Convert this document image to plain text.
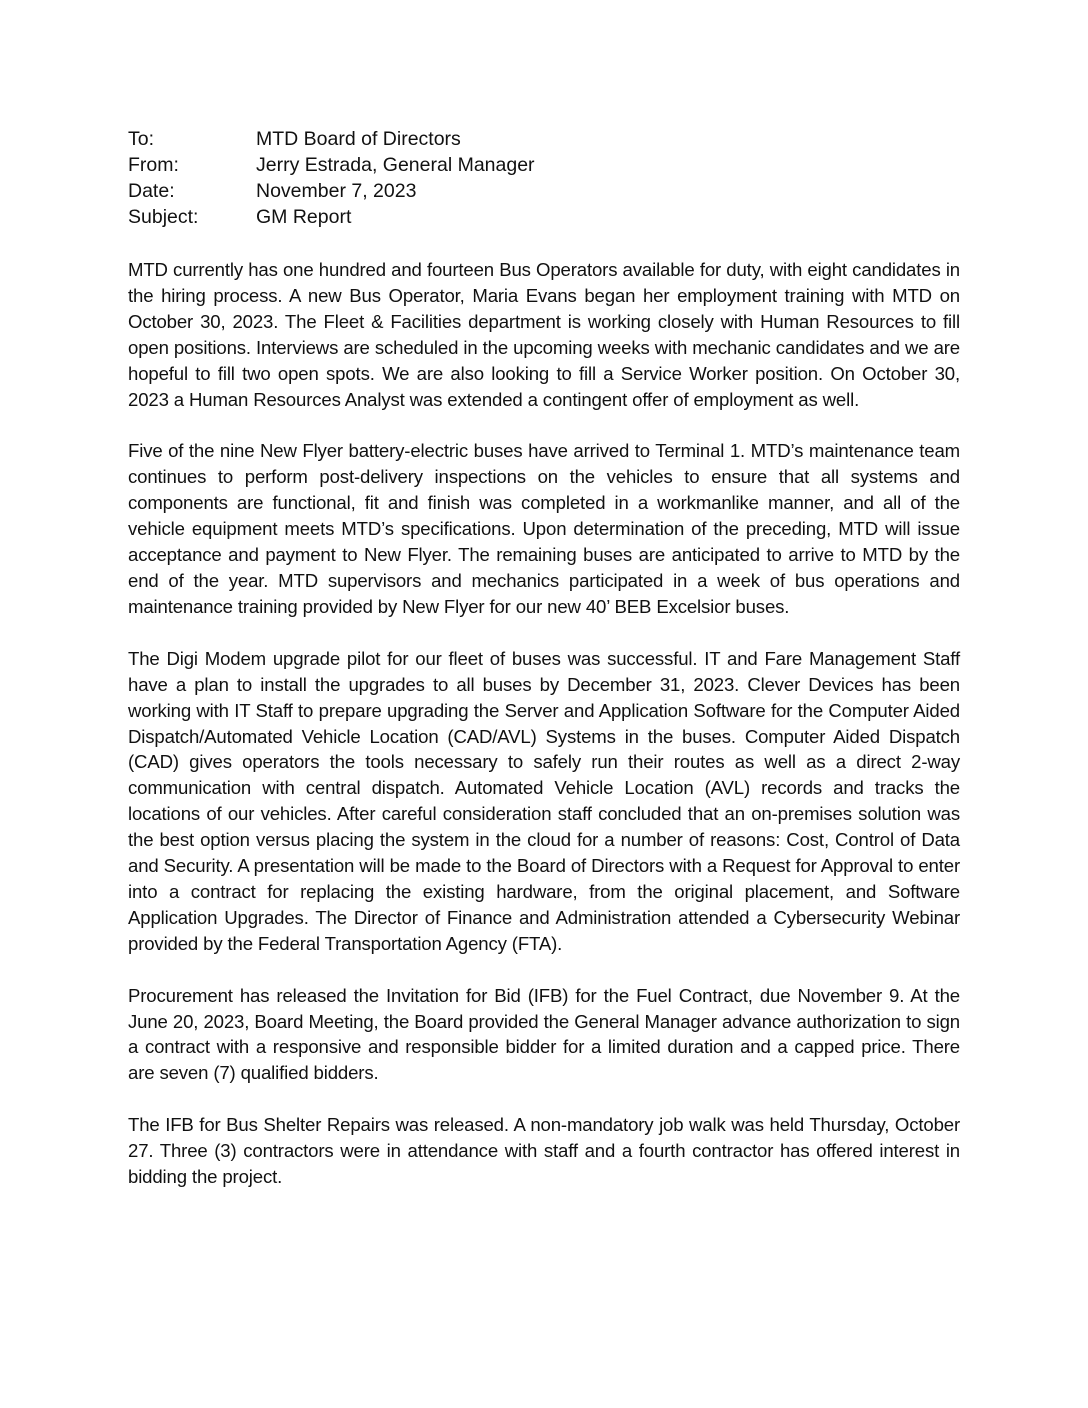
To:	MTD Board of Directors
From:	Jerry Estrada, General Manager
Date:	November 7, 2023
Subject:	GM Report

MTD currently has one hundred and fourteen Bus Operators available for duty, with eight candidates in the hiring process. A new Bus Operator, Maria Evans began her employment training with MTD on October 30, 2023. The Fleet & Facilities department is working closely with Human Resources to fill open positions. Interviews are scheduled in the upcoming weeks with mechanic candidates and we are hopeful to fill two open spots. We are also looking to fill a Service Worker position. On October 30, 2023 a Human Resources Analyst was extended a contingent offer of employment as well.

Five of the nine New Flyer battery-electric buses have arrived to Terminal 1. MTD’s maintenance team continues to perform post-delivery inspections on the vehicles to ensure that all systems and components are functional, fit and finish was completed in a workmanlike manner, and all of the vehicle equipment meets MTD’s specifications. Upon determination of the preceding, MTD will issue acceptance and payment to New Flyer. The remaining buses are anticipated to arrive to MTD by the end of the year. MTD supervisors and mechanics participated in a week of bus operations and maintenance training provided by New Flyer for our new 40’ BEB Excelsior buses.

The Digi Modem upgrade pilot for our fleet of buses was successful. IT and Fare Management Staff have a plan to install the upgrades to all buses by December 31, 2023. Clever Devices has been working with IT Staff to prepare upgrading the Server and Application Software for the Computer Aided Dispatch/Automated Vehicle Location (CAD/AVL) Systems in the buses. Computer Aided Dispatch (CAD) gives operators the tools necessary to safely run their routes as well as a direct 2-way communication with central dispatch. Automated Vehicle Location (AVL) records and tracks the locations of our vehicles. After careful consideration staff concluded that an on-premises solution was the best option versus placing the system in the cloud for a number of reasons: Cost, Control of Data and Security. A presentation will be made to the Board of Directors with a Request for Approval to enter into a contract for replacing the existing hardware, from the original placement, and Software Application Upgrades. The Director of Finance and Administration attended a Cybersecurity Webinar provided by the Federal Transportation Agency (FTA).

Procurement has released the Invitation for Bid (IFB) for the Fuel Contract, due November 9. At the June 20, 2023, Board Meeting, the Board provided the General Manager advance authorization to sign a contract with a responsive and responsible bidder for a limited duration and a capped price. There are seven (7) qualified bidders.

The IFB for Bus Shelter Repairs was released. A non-mandatory job walk was held Thursday, October 27. Three (3) contractors were in attendance with staff and a fourth contractor has offered interest in bidding the project.
